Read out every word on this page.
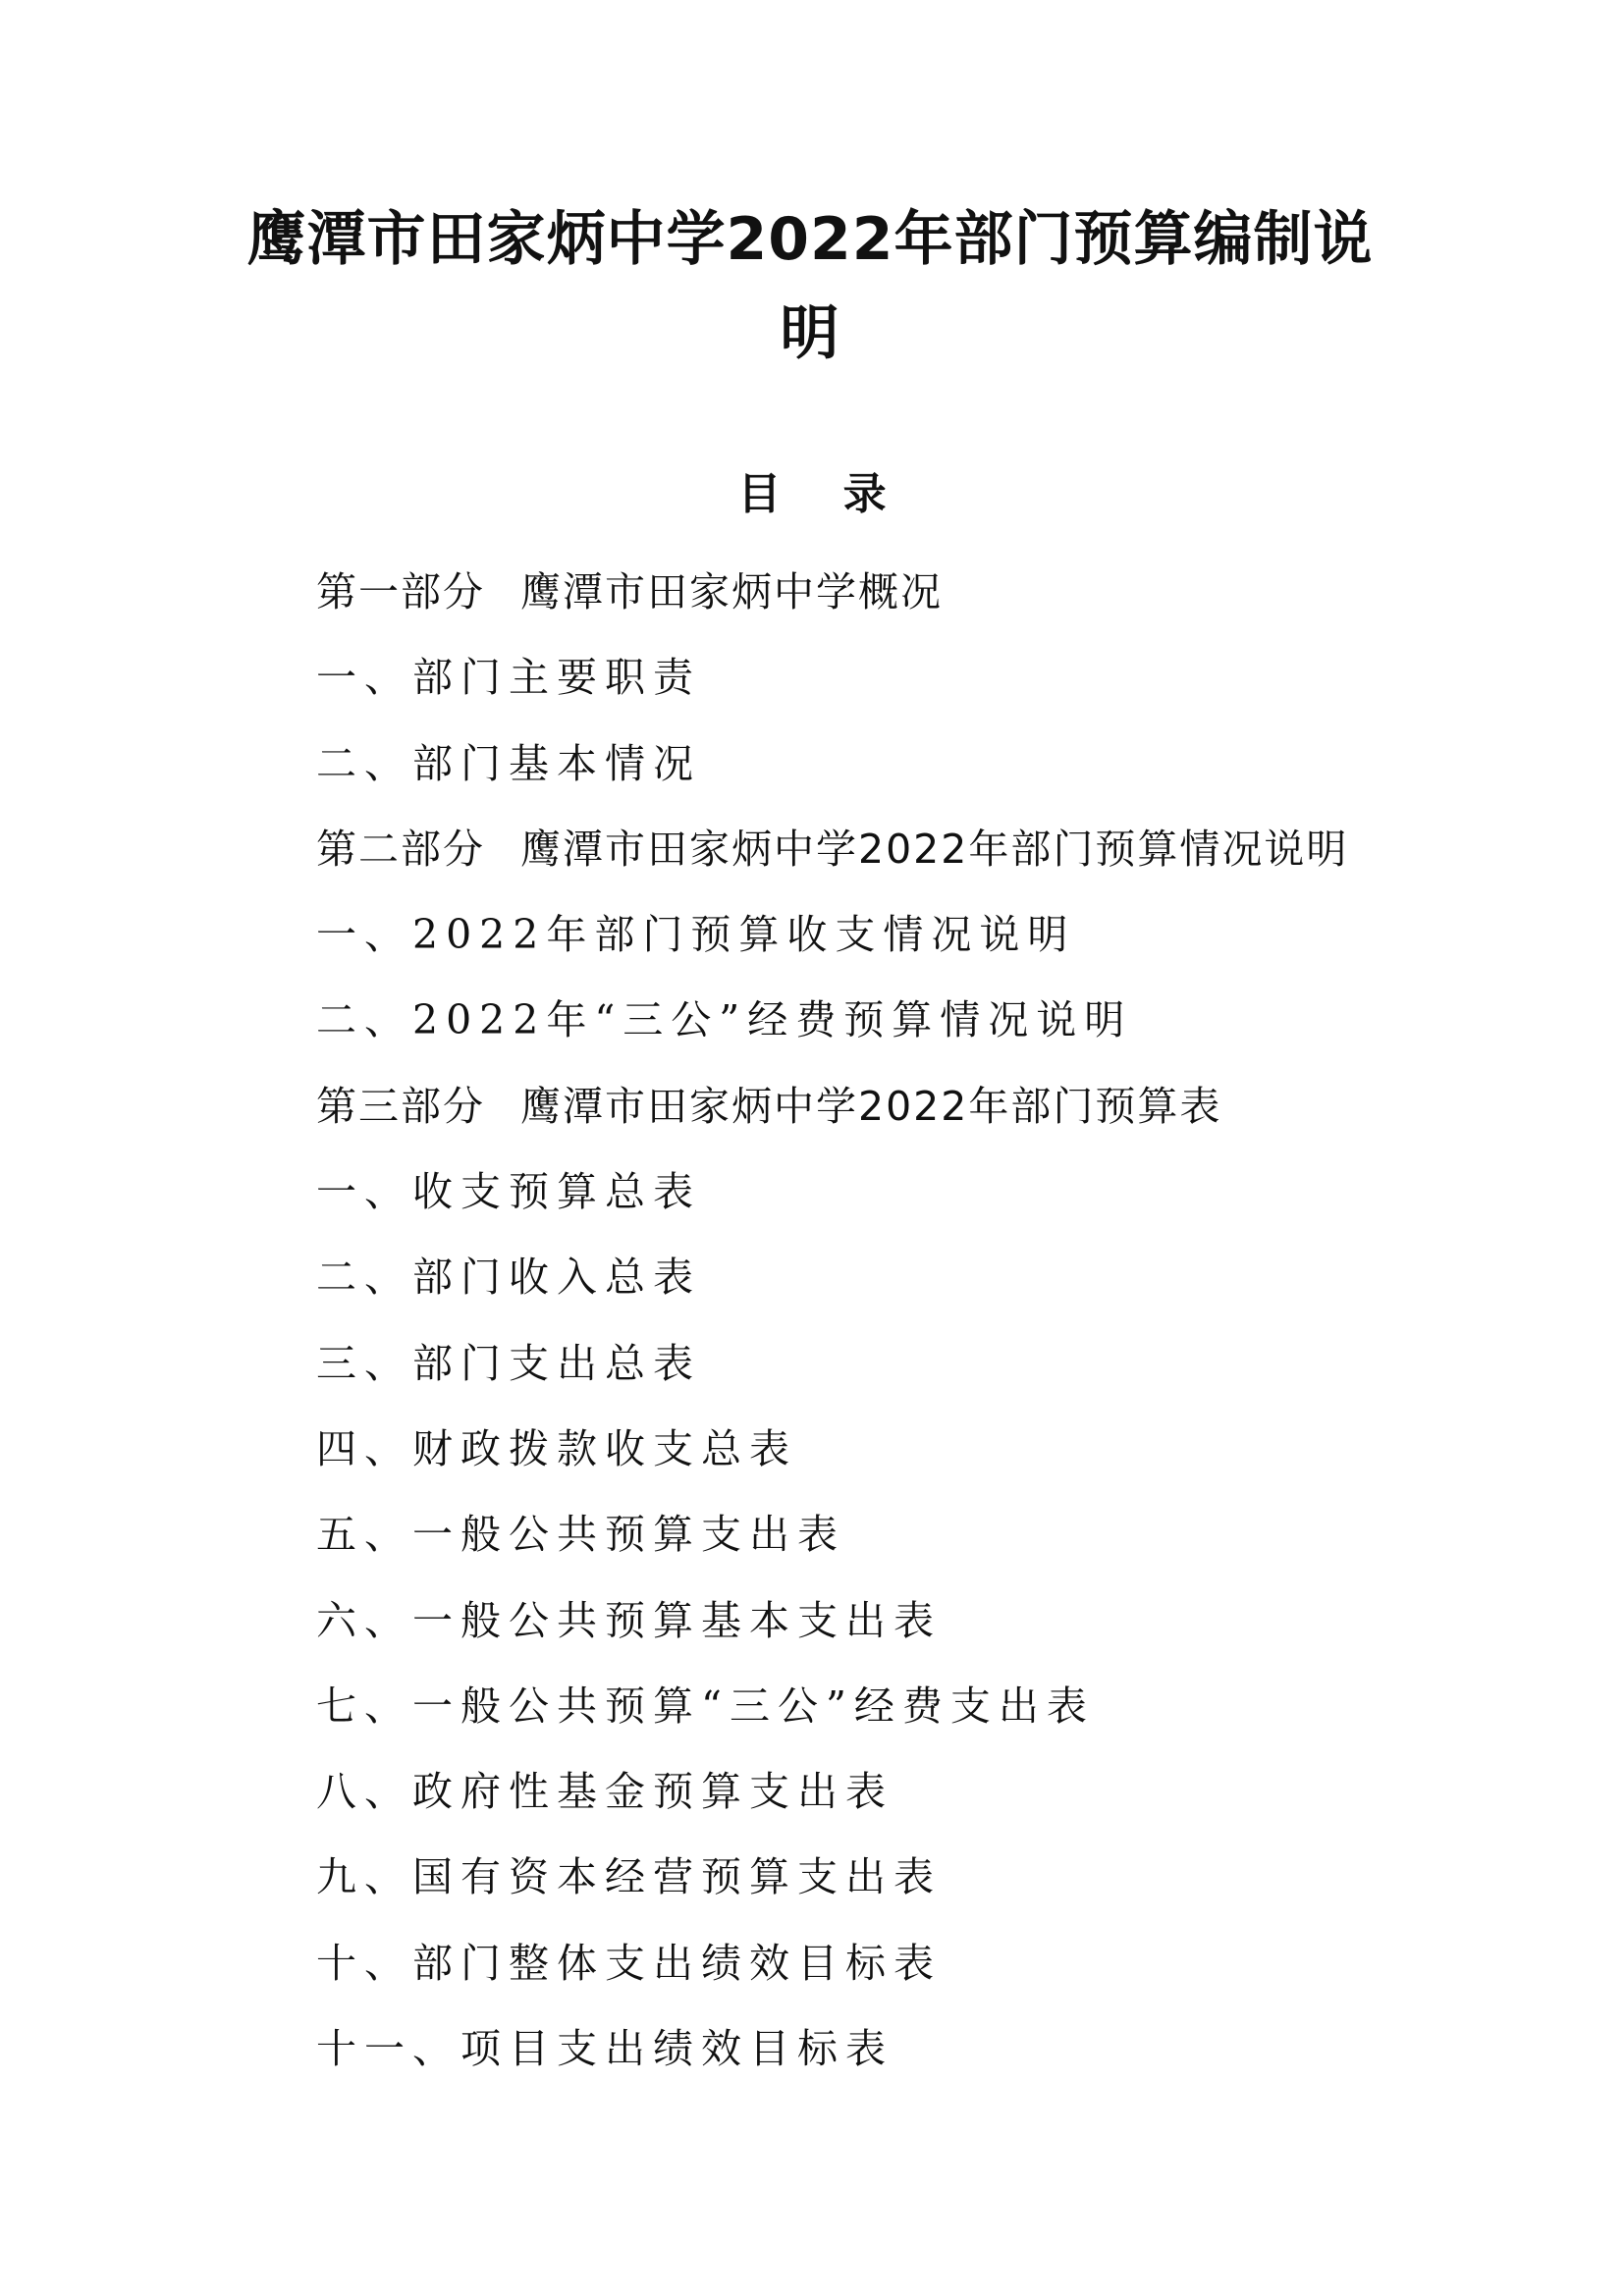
鹰潭市田家炳中学2022年部门预算编制说明
目 录
第一部分 鹰潭市田家炳中学概况
一、部门主要职责
二、部门基本情况
第二部分 鹰潭市田家炳中学2022年部门预算情况说明
一、2022年部门预算收支情况说明
二、2022年“三公”经费预算情况说明
第三部分 鹰潭市田家炳中学2022年部门预算表
一、收支预算总表
二、部门收入总表
三、部门支出总表
四、财政拨款收支总表
五、一般公共预算支出表
六、一般公共预算基本支出表
七、一般公共预算“三公”经费支出表
八、政府性基金预算支出表
九、国有资本经营预算支出表
十、部门整体支出绩效目标表
十一、项目支出绩效目标表
